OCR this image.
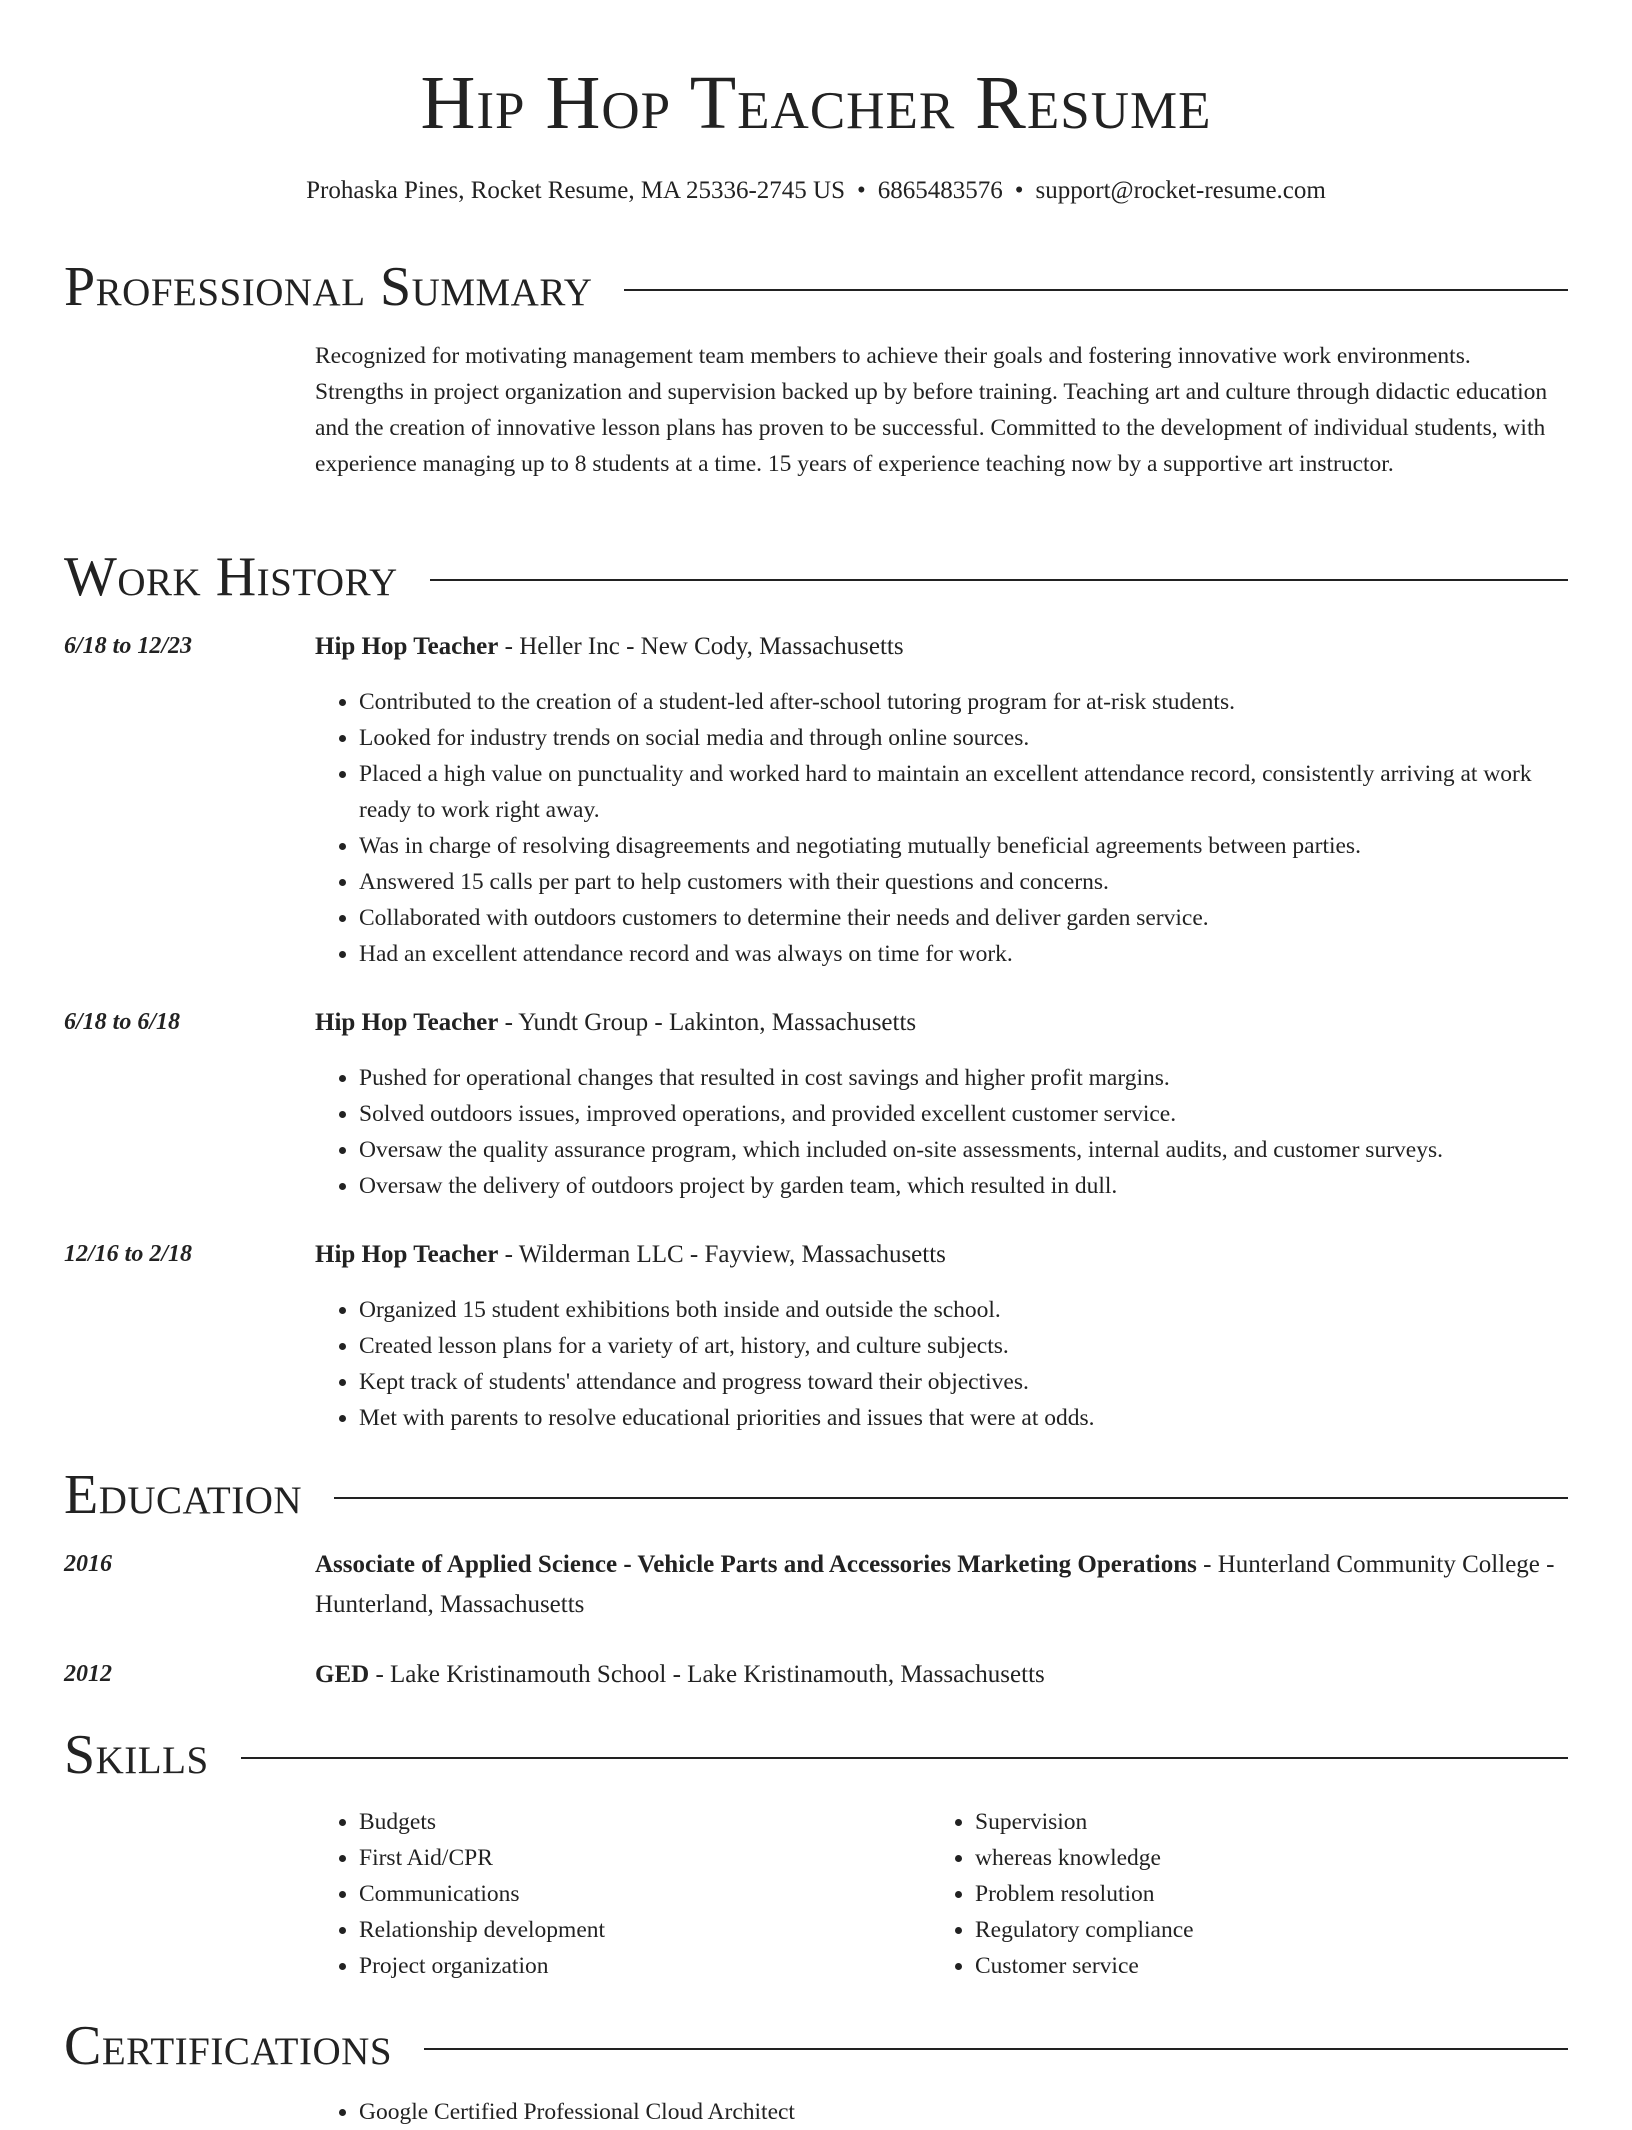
Hip Hop Teacher Resume
Prohaska Pines, Rocket Resume, MA 25336-2745 US • 6865483576 • support@rocket-resume.com
Professional Summary
Recognized for motivating management team members to achieve their goals and fostering innovative work environments. Strengths in project organization and supervision backed up by before training. Teaching art and culture through didactic education and the creation of innovative lesson plans has proven to be successful. Committed to the development of individual students, with experience managing up to 8 students at a time. 15 years of experience teaching now by a supportive art instructor.
Work History
6/18 to 12/23	Hip Hop Teacher - Heller Inc - New Cody, Massachusetts
• Contributed to the creation of a student-led after-school tutoring program for at-risk students.
• Looked for industry trends on social media and through online sources.
• Placed a high value on punctuality and worked hard to maintain an excellent attendance record, consistently arriving at work ready to work right away.
• Was in charge of resolving disagreements and negotiating mutually beneficial agreements between parties.
• Answered 15 calls per part to help customers with their questions and concerns.
• Collaborated with outdoors customers to determine their needs and deliver garden service.
• Had an excellent attendance record and was always on time for work.
6/18 to 6/18	Hip Hop Teacher - Yundt Group - Lakinton, Massachusetts
• Pushed for operational changes that resulted in cost savings and higher profit margins.
• Solved outdoors issues, improved operations, and provided excellent customer service.
• Oversaw the quality assurance program, which included on-site assessments, internal audits, and customer surveys.
• Oversaw the delivery of outdoors project by garden team, which resulted in dull.
12/16 to 2/18	Hip Hop Teacher - Wilderman LLC - Fayview, Massachusetts
• Organized 15 student exhibitions both inside and outside the school.
• Created lesson plans for a variety of art, history, and culture subjects.
• Kept track of students' attendance and progress toward their objectives.
• Met with parents to resolve educational priorities and issues that were at odds.
Education
2016	Associate of Applied Science - Vehicle Parts and Accessories Marketing Operations - Hunterland Community College - Hunterland, Massachusetts
2012	GED - Lake Kristinamouth School - Lake Kristinamouth, Massachusetts
Skills
• Budgets
• First Aid/CPR
• Communications
• Relationship development
• Project organization
• Supervision
• whereas knowledge
• Problem resolution
• Regulatory compliance
• Customer service
Certifications
• Google Certified Professional Cloud Architect
